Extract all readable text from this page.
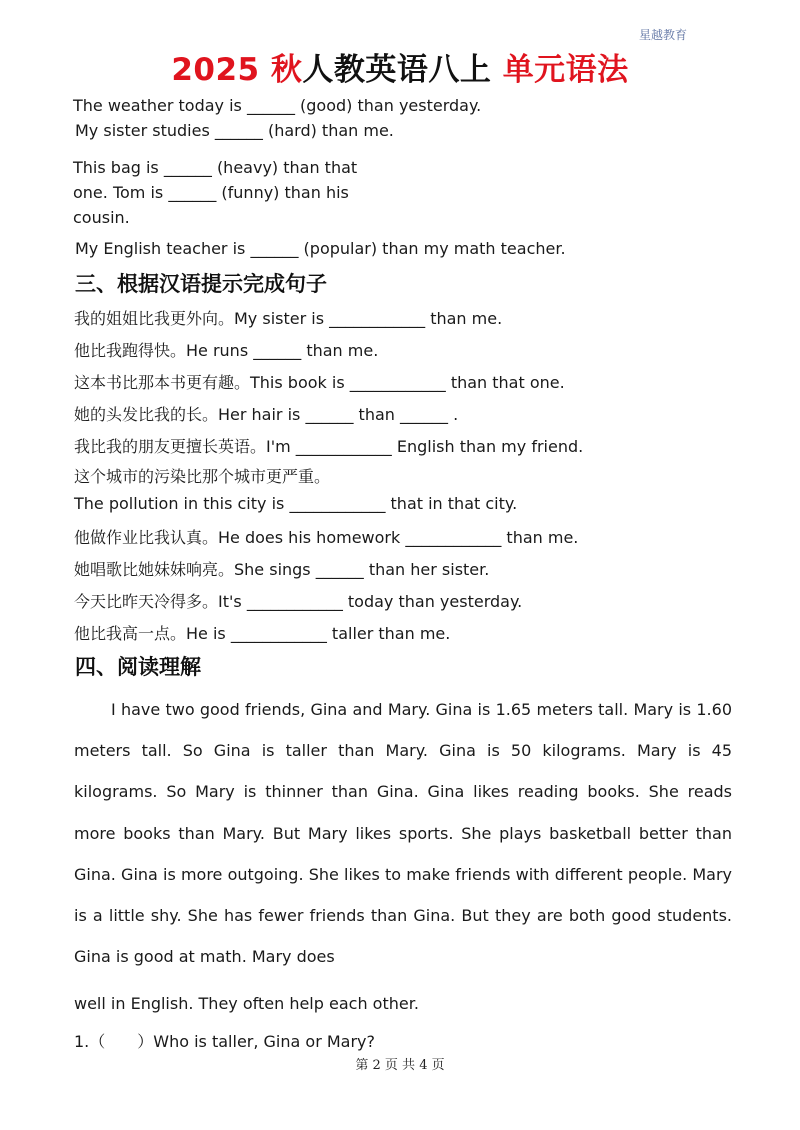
星越教育
2025 秋人教英语八上 单元语法
The weather today is ______ (good) than yesterday.
My sister studies ______ (hard) than me.
This bag is ______ (heavy) than that one. Tom is ______ (funny) than his cousin.
My English teacher is ______ (popular) than my math teacher.
三、根据汉语提示完成句子
我的姐姐比我更外向。My sister is ____________ than me.
他比我跑得快。He runs ______ than me.
这本书比那本书更有趣。This book is ____________ than that one.
她的头发比我的长。Her hair is ______ than ______ .
我比我的朋友更擅长英语。I'm ____________ English than my friend.
这个城市的污染比那个城市更严重。
The pollution in this city is ____________ that in that city.
他做作业比我认真。He does his homework ____________ than me.
她唱歌比她妹妹响亮。She sings ______ than her sister.
今天比昨天冷得多。It's ____________ today than yesterday.
他比我高一点。He is ____________ taller than me.
四、阅读理解
I have two good friends, Gina and Mary. Gina is 1.65 meters tall. Mary is 1.60 meters tall. So Gina is taller than Mary. Gina is 50 kilograms. Mary is 45 kilograms. So Mary is thinner than Gina. Gina likes reading books. She reads more books than Mary. But Mary likes sports. She plays basketball better than Gina. Gina is more outgoing. She likes to make friends with different people. Mary is a little shy. She has fewer friends than Gina. But they are both good students. Gina is good at math. Mary does
well in English. They often help each other.
1.（　　）Who is taller, Gina or Mary?
第 2 页 共 4 页
